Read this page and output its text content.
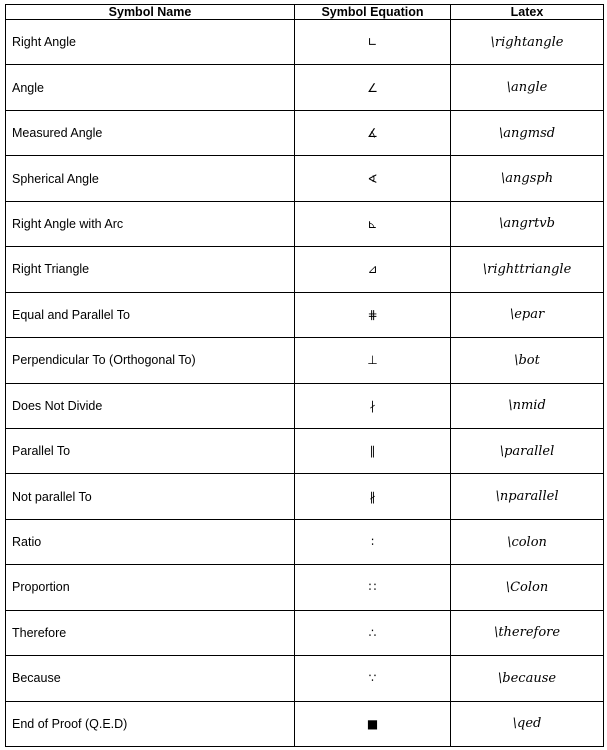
Symbol Name	Symbol Equation	Latex
Right Angle	∟	\rightangle
Angle	∠	\angle
Measured Angle	∡	\angmsd
Spherical Angle	∢	\angsph
Right Angle with Arc	⊾	\angrtvb
Right Triangle	⊿	\righttriangle
Equal and Parallel To	⋕	\epar
Perpendicular To (Orthogonal To)	⊥	\bot
Does Not Divide	∤	\nmid
Parallel To	∥	\parallel
Not parallel To	∦	\nparallel
Ratio	∶	\colon
Proportion	∷	\Colon
Therefore	∴	\therefore
Because	∵	\because
End of Proof (Q.E.D)	■	\qed
